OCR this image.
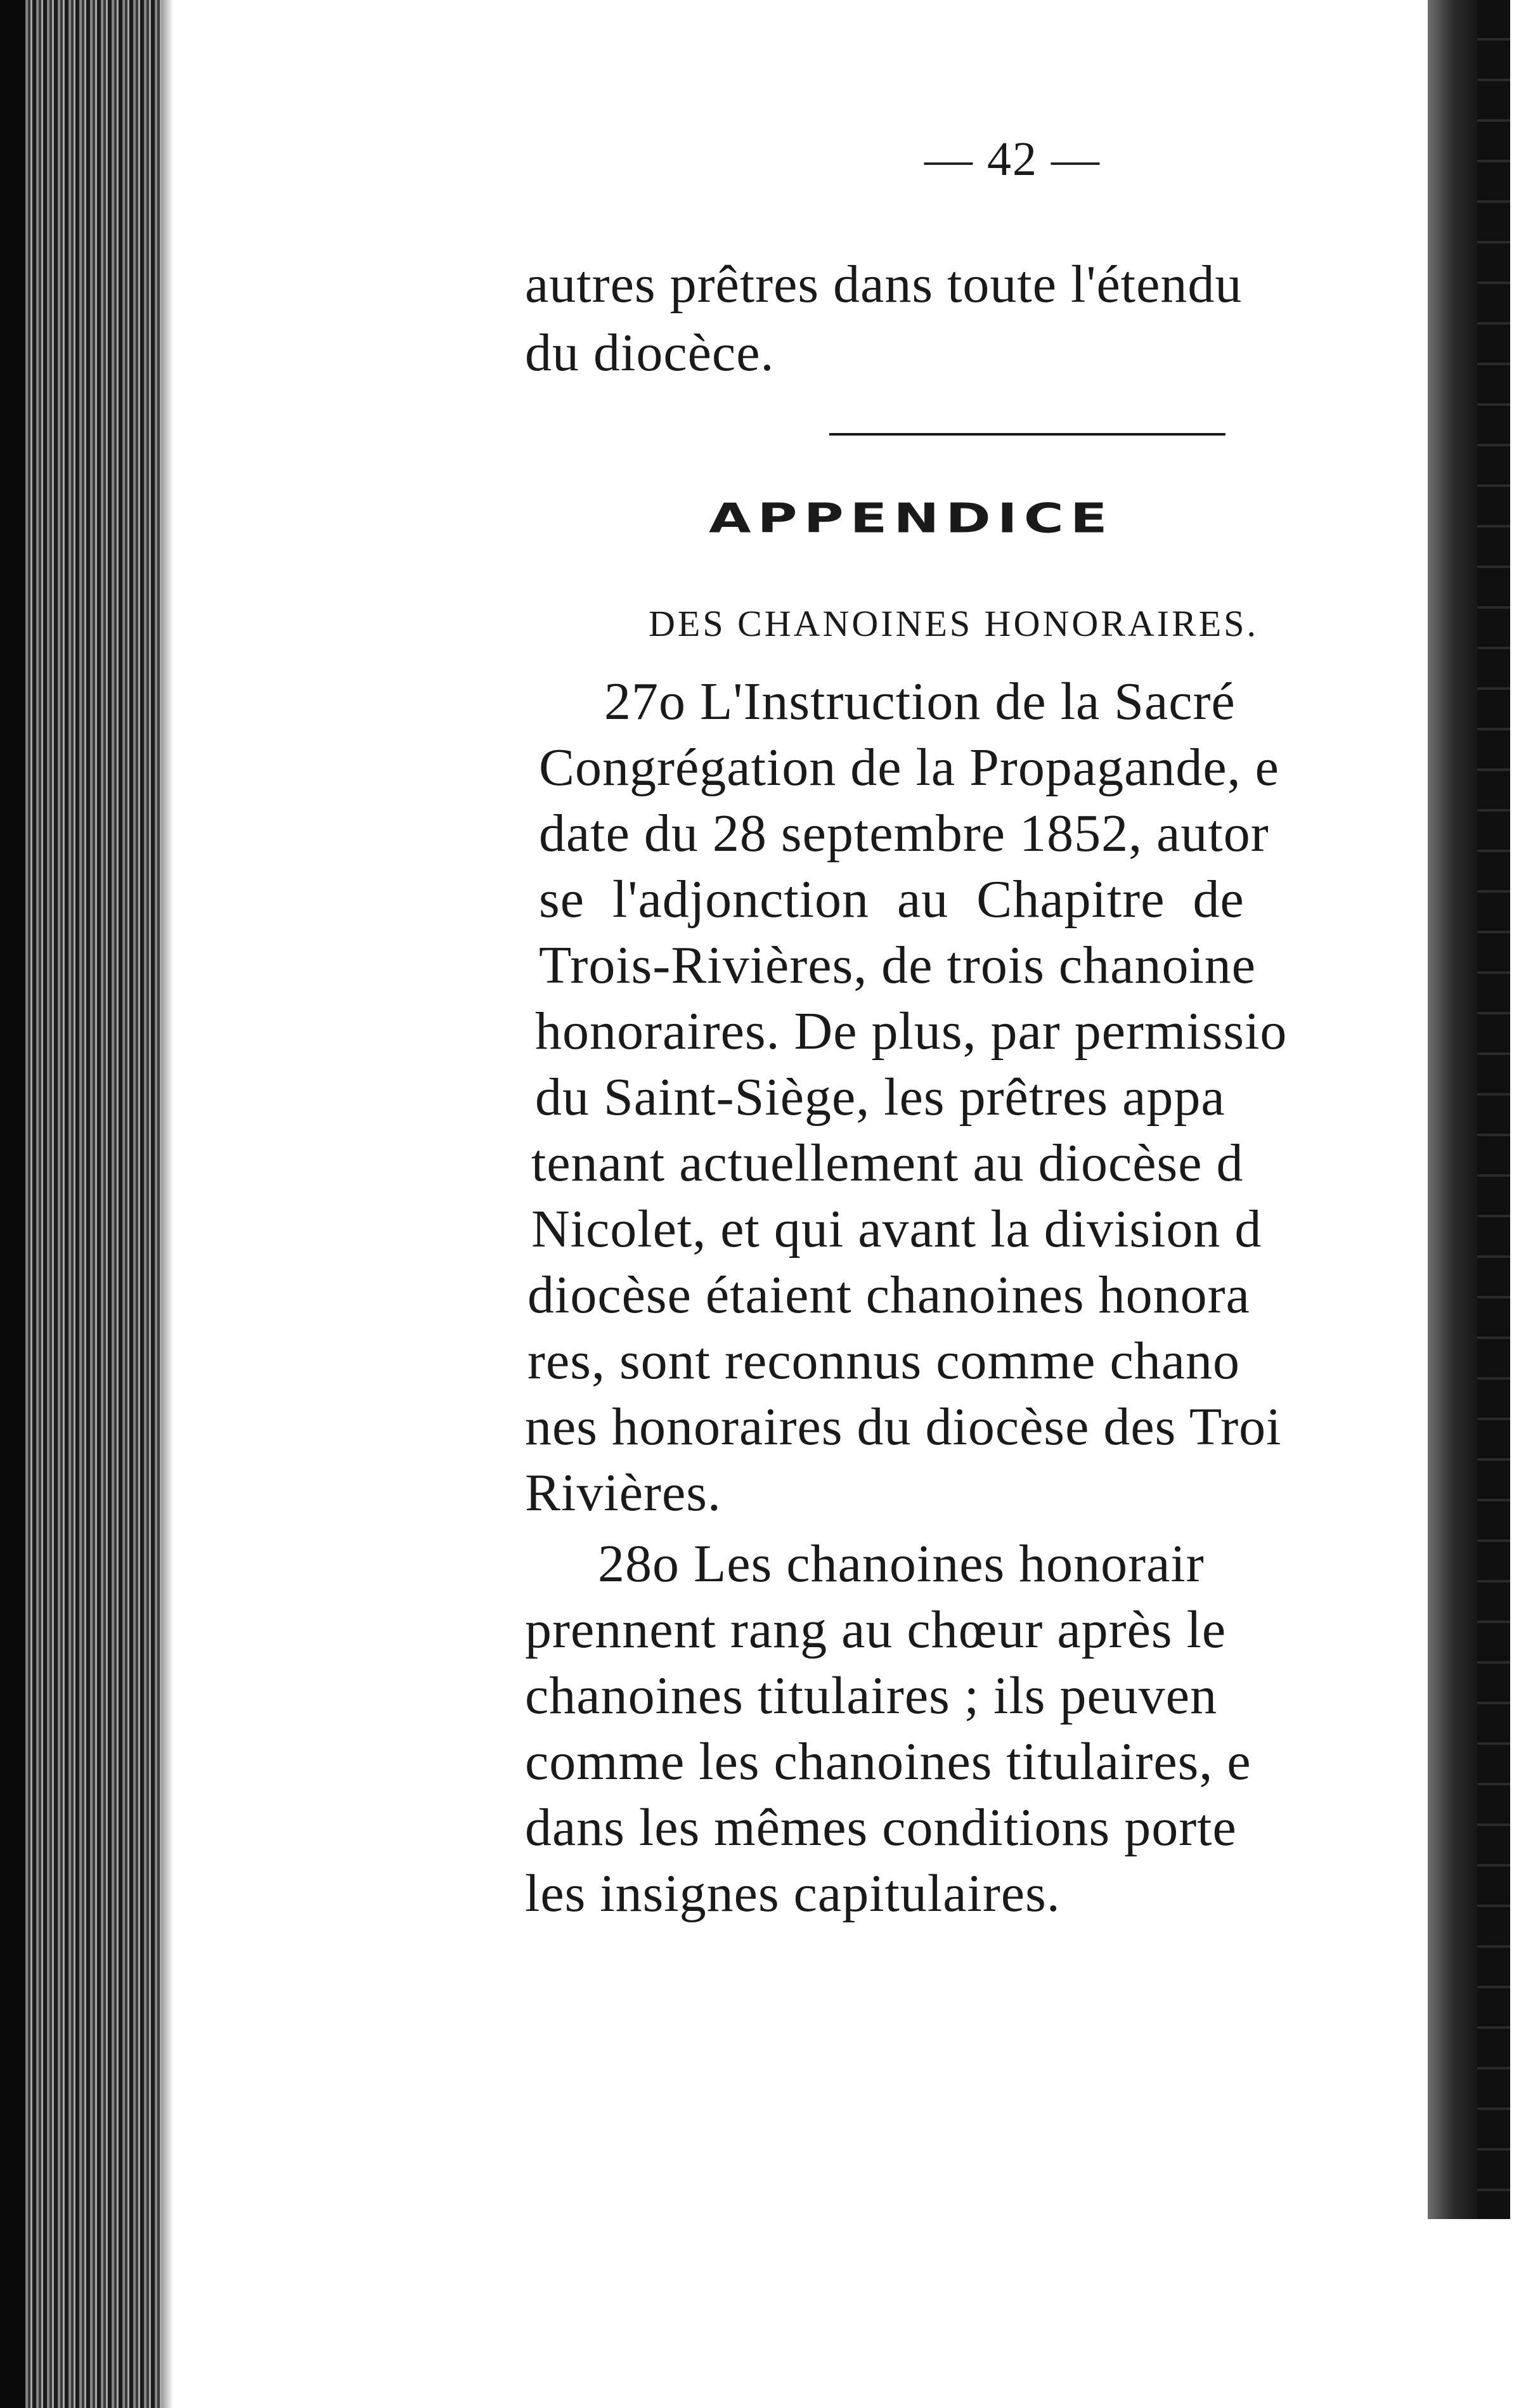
— 42 —
autres prêtres dans toute l'étendu
du diocèce.
APPENDICE
DES CHANOINES HONORAIRES.
27o L'Instruction de la Sacré
Congrégation de la Propagande, e
date du 28 septembre 1852, autor
se l'adjonction au Chapitre de
Trois-Rivières, de trois chanoine
honoraires. De plus, par permissio
du Saint-Siège, les prêtres appa
tenant actuellement au diocèse d
Nicolet, et qui avant la division d
diocèse étaient chanoines honora
res, sont reconnus comme chano
nes honoraires du diocèse des Troi
Rivières.
28o Les chanoines honorair
prennent rang au chœur après le
chanoines titulaires ; ils peuven
comme les chanoines titulaires, e
dans les mêmes conditions porte
les insignes capitulaires.
